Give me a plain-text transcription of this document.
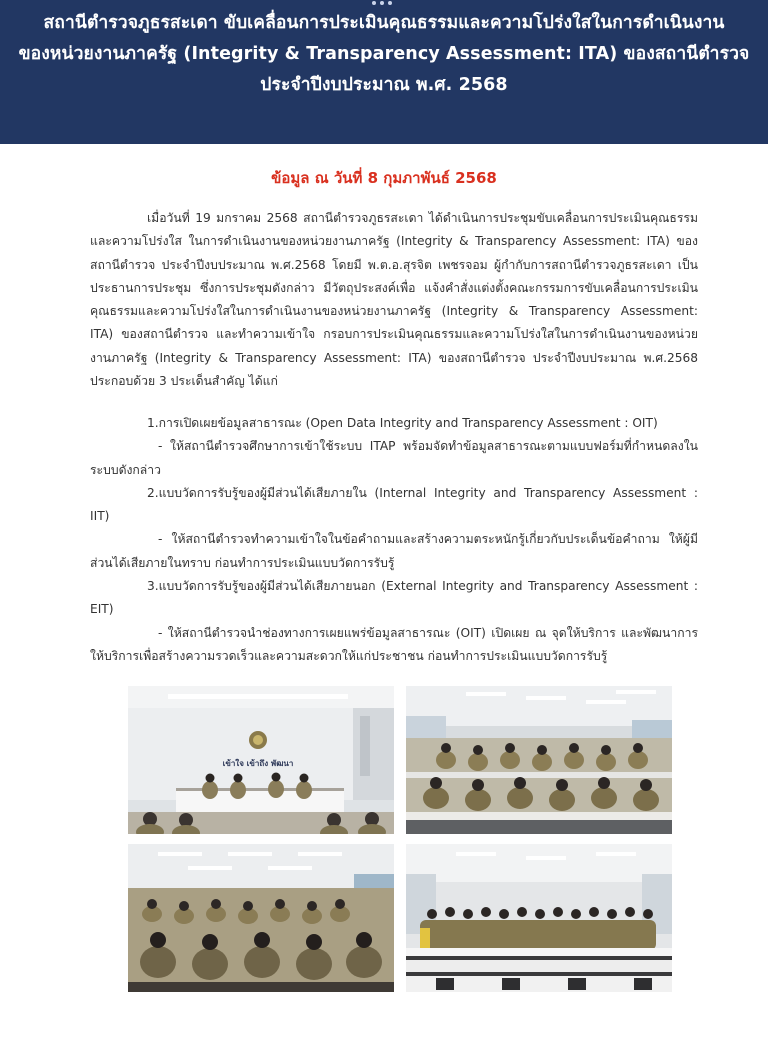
สถานีตำรวจภูธรสะเดา ขับเคลื่อนการประเมินคุณธรรมและความโปร่งใสในการดำเนินงาน
ของหน่วยงานภาครัฐ (Integrity & Transparency Assessment: ITA) ของสถานีตำรวจ
ประจำปีงบประมาณ พ.ศ. 2568

ข้อมูล ณ วันที่ 8 กุมภาพันธ์ 2568

เมื่อวันที่ 19 มกราคม 2568 สถานีตำรวจภูธรสะเดา ได้ดำเนินการประชุมขับเคลื่อนการประเมินคุณธรรมและความโปร่งใส ในการดำเนินงานของหน่วยงานภาครัฐ (Integrity & Transparency Assessment: ITA) ของสถานีตำรวจ ประจำปีงบประมาณ พ.ศ.2568 โดยมี พ.ต.อ.สุรจิต เพชรจอม ผู้กำกับการสถานีตำรวจภูธรสะเดา เป็นประธานการประชุม ซึ่งการประชุมดังกล่าว มีวัตถุประสงค์เพื่อ แจ้งคำสั่งแต่งตั้งคณะกรรมการขับเคลื่อนการประเมินคุณธรรมและความโปร่งใสในการดำเนินงานของหน่วยงานภาครัฐ (Integrity & Transparency Assessment: ITA) ของสถานีตำรวจ และทำความเข้าใจ กรอบการประเมินคุณธรรมและความโปร่งใสในการดำเนินงานของหน่วยงานภาครัฐ (Integrity & Transparency Assessment: ITA) ของสถานีตำรวจ ประจำปีงบประมาณ พ.ศ.2568 ประกอบด้วย 3 ประเด็นสำคัญ ได้แก่

1.การเปิดเผยข้อมูลสาธารณะ (Open Data Integrity and Transparency Assessment : OIT)

- ให้สถานีตำรวจศึกษาการเข้าใช้ระบบ ITAP พร้อมจัดทำข้อมูลสาธารณะตามแบบฟอร์มที่กำหนดลงในระบบดังกล่าว

2.แบบวัดการรับรู้ของผู้มีส่วนได้เสียภายใน (Internal Integrity and Transparency Assessment : IIT)

- ให้สถานีตำรวจทำความเข้าใจในข้อคำถามและสร้างความตระหนักรู้เกี่ยวกับประเด็นข้อคำถาม ให้ผู้มีส่วนได้เสียภายในทราบ ก่อนทำการประเมินแบบวัดการรับรู้

3.แบบวัดการรับรู้ของผู้มีส่วนได้เสียภายนอก (External Integrity and Transparency Assessment : EIT)

- ให้สถานีตำรวจนำช่องทางการเผยแพร่ข้อมูลสาธารณะ (OIT) เปิดเผย ณ จุดให้บริการ และพัฒนาการให้บริการเพื่อสร้างความรวดเร็วและความสะดวกให้แก่ประชาชน ก่อนทำการประเมินแบบวัดการรับรู้

เข้าใจ เข้าถึง พัฒนา
